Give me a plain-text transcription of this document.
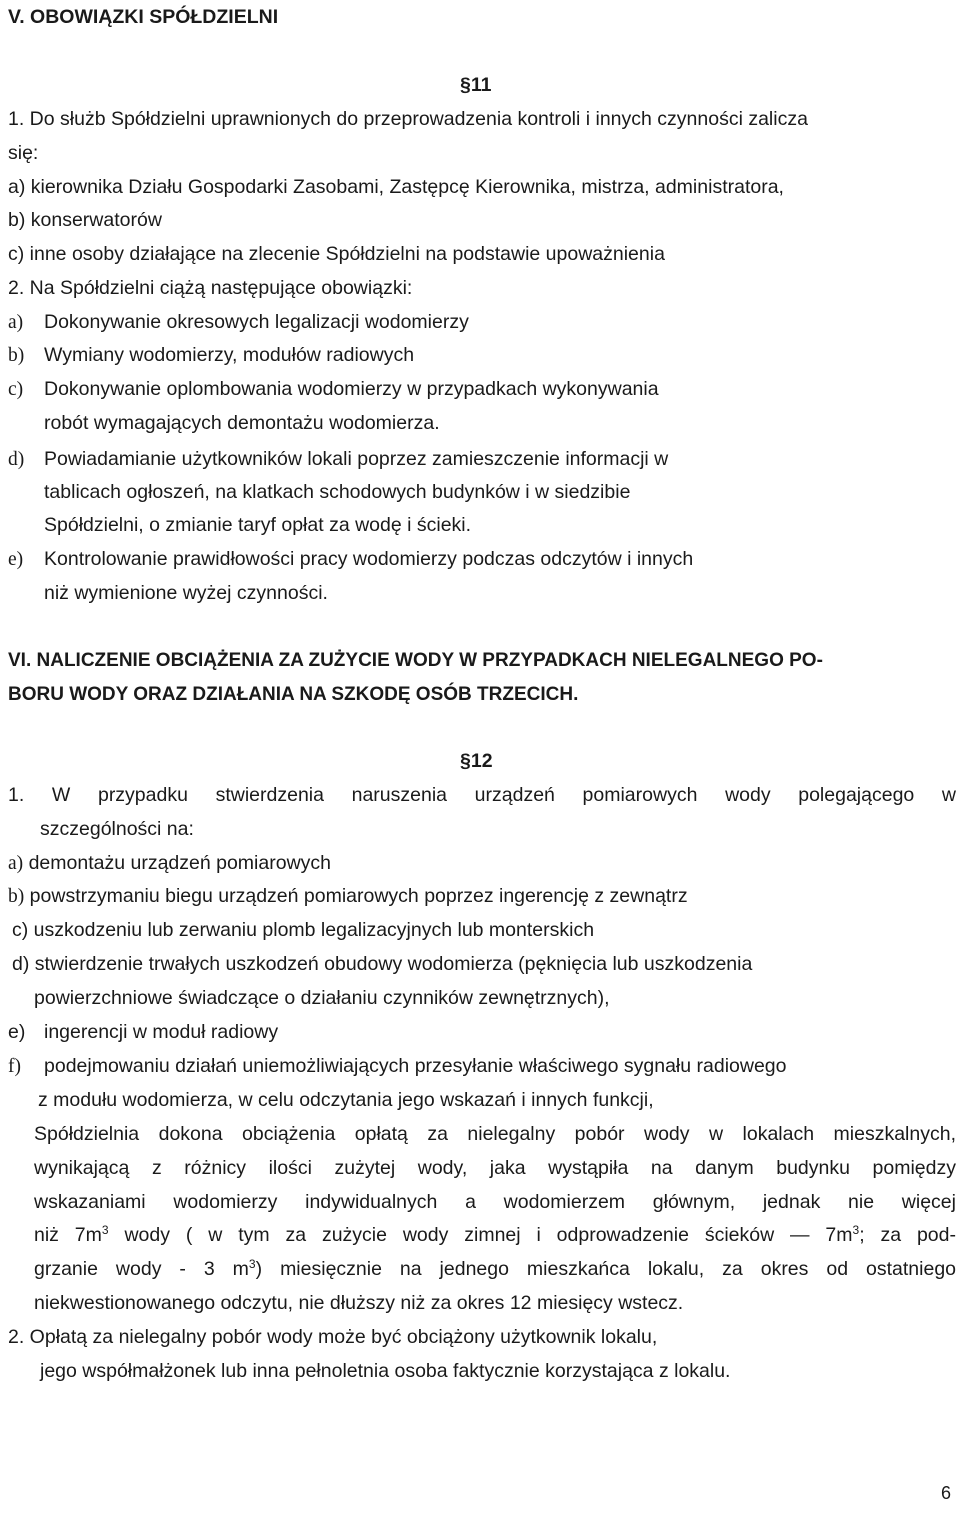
V. OBOWIĄZKI SPÓŁDZIELNI
§11
1. Do służb Spółdzielni uprawnionych do przeprowadzenia kontroli i innych czynności zalicza
się:
a) kierownika Działu Gospodarki Zasobami, Zastępcę Kierownika, mistrza, administratora,
b) konserwatorów
c) inne osoby działające na zlecenie Spółdzielni na podstawie upoważnienia
2. Na Spółdzielni ciążą następujące obowiązki:
a) Dokonywanie okresowych legalizacji wodomierzy
b) Wymiany wodomierzy, modułów radiowych
c) Dokonywanie oplombowania wodomierzy w przypadkach wykonywania
robót wymagających demontażu wodomierza.
d) Powiadamianie użytkowników lokali poprzez zamieszczenie informacji w
tablicach ogłoszeń, na klatkach schodowych budynków i w siedzibie
Spółdzielni, o zmianie taryf opłat za wodę i ścieki.
e) Kontrolowanie prawidłowości pracy wodomierzy podczas odczytów i innych
niż wymienione wyżej czynności.
VI. NALICZENIE OBCIĄŻENIA ZA ZUŻYCIE WODY W PRZYPADKACH NIELEGALNEGO PO-
BORU WODY ORAZ DZIAŁANIA NA SZKODĘ OSÓB TRZECICH.
§12
1. W przypadku stwierdzenia naruszenia urządzeń pomiarowych wody polegającego w
szczególności na:
a) demontażu urządzeń pomiarowych
b) powstrzymaniu biegu urządzeń pomiarowych poprzez ingerencję z zewnątrz
c) uszkodzeniu lub zerwaniu plomb legalizacyjnych lub monterskich
d) stwierdzenie trwałych uszkodzeń obudowy wodomierza (pęknięcia lub uszkodzenia
powierzchniowe świadczące o działaniu czynników zewnętrznych),
e) ingerencji w moduł radiowy
f) podejmowaniu działań uniemożliwiających przesyłanie właściwego sygnału radiowego
z modułu wodomierza, w celu odczytania jego wskazań i innych funkcji,
Spółdzielnia dokona obciążenia opłatą za nielegalny pobór wody w lokalach mieszkalnych,
wynikającą z różnicy ilości zużytej wody, jaka wystąpiła na danym budynku pomiędzy
wskazaniami wodomierzy indywidualnych a wodomierzem głównym, jednak nie więcej
niż $7m^3$ wody ( w tym za zużycie wody zimnej i odprowadzenie ścieków — $7m^3$; za pod-
grzanie wody - 3 $m^3$) miesięcznie na jednego mieszkańca lokalu, za okres od ostatniego
niekwestionowanego odczytu, nie dłuższy niż za okres 12 miesięcy wstecz.
2. Opłatą za nielegalny pobór wody może być obciążony użytkownik lokalu,
jego współmałżonek lub inna pełnoletnia osoba faktycznie korzystająca z lokalu.
6
